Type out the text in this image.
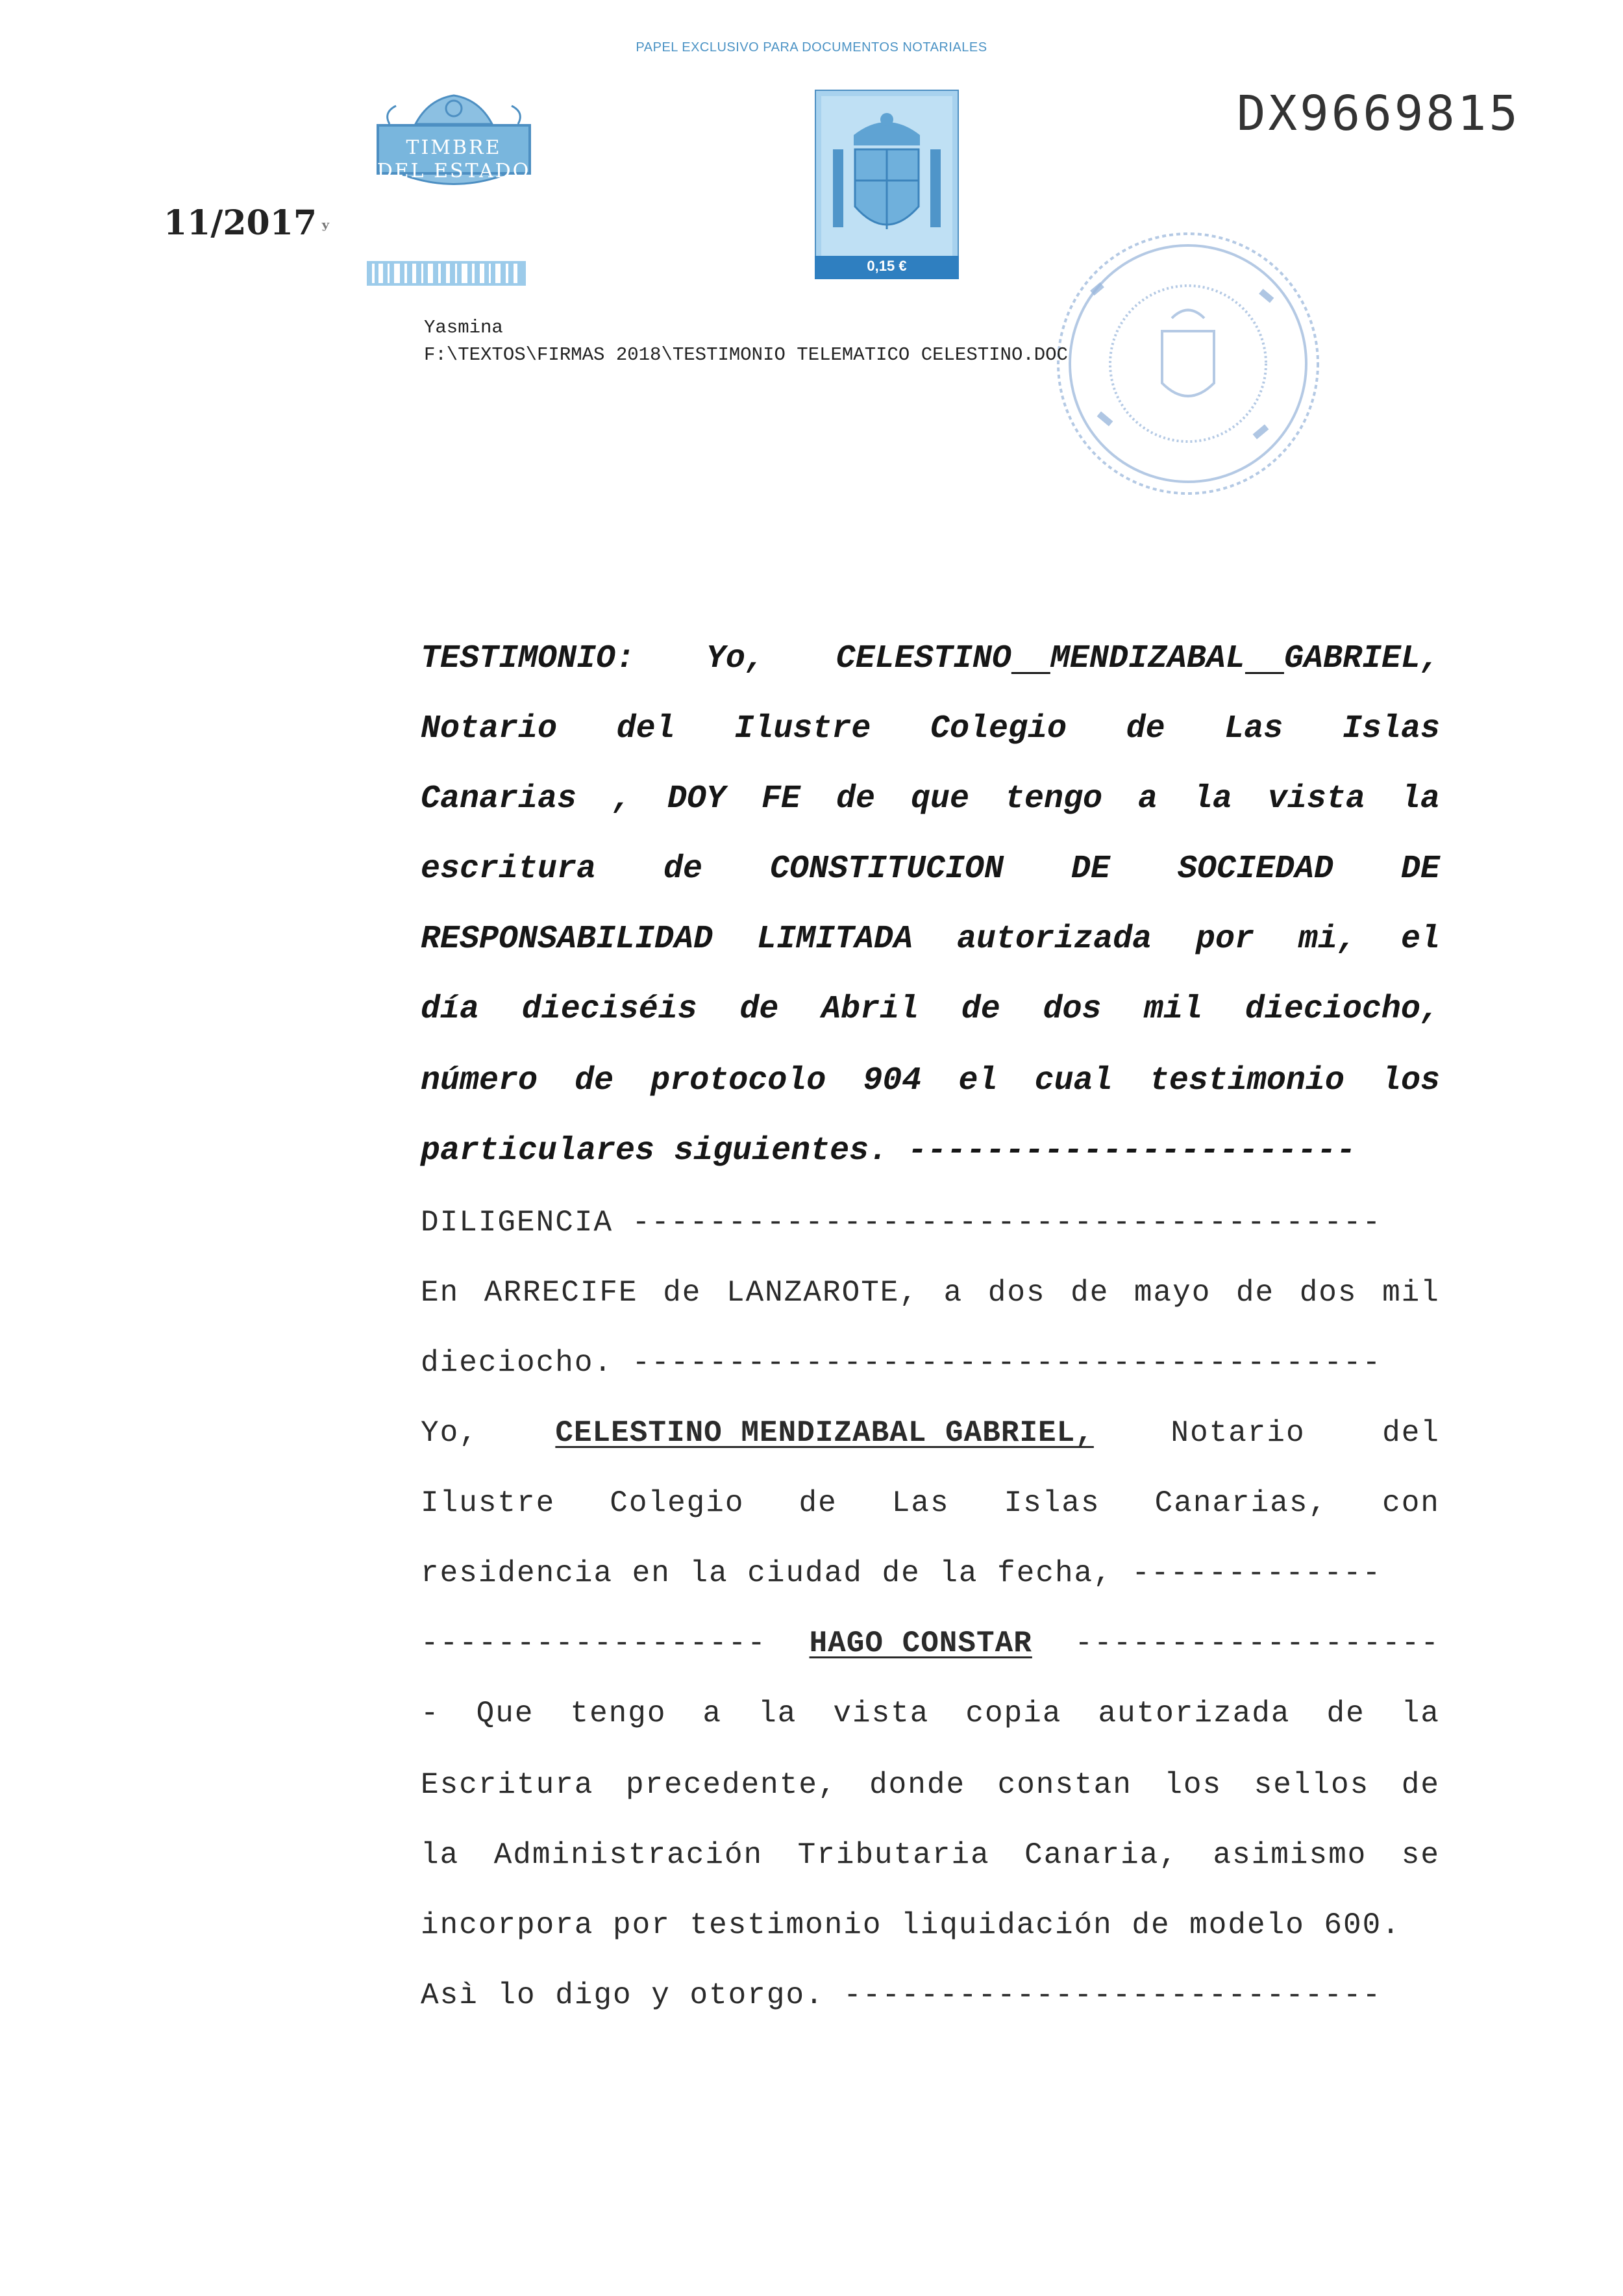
PAPEL EXCLUSIVO PARA DOCUMENTOS NOTARIALES
DX9669815
11/2017 ʸ
TIMBRE
DEL ESTADO
0,15 €
Yasmina
F:\TEXTOS\FIRMAS 2018\TESTIMONIO TELEMATICO CELESTINO.DOC
TESTIMONIO: Yo, CELESTINO MENDIZABAL GABRIEL,
Notario del Ilustre Colegio de Las Islas
Canarias , DOY FE de que tengo a la vista la
escritura de CONSTITUCION DE SOCIEDAD DE
RESPONSABILIDAD LIMITADA autorizada por mi, el
día dieciséis de Abril de dos mil dieciocho,
número de protocolo 904 el cual testimonio los
particulares siguientes. -----------------------
DILIGENCIA ---------------------------------------
En ARRECIFE de LANZAROTE, a dos de mayo de dos mil
dieciocho. ---------------------------------------
Yo,	CELESTINO MENDIZABAL GABRIEL,	Notario	del
Ilustre Colegio de Las Islas Canarias, con
residencia en la ciudad de la fecha, -------------
------------------ HAGO CONSTAR -------------------
- Que tengo a la vista copia autorizada de la
Escritura precedente, donde constan los sellos de
la Administración Tributaria Canaria, asimismo se
incorpora por testimonio liquidación de modelo 600.
Asì lo digo y otorgo. ----------------------------
